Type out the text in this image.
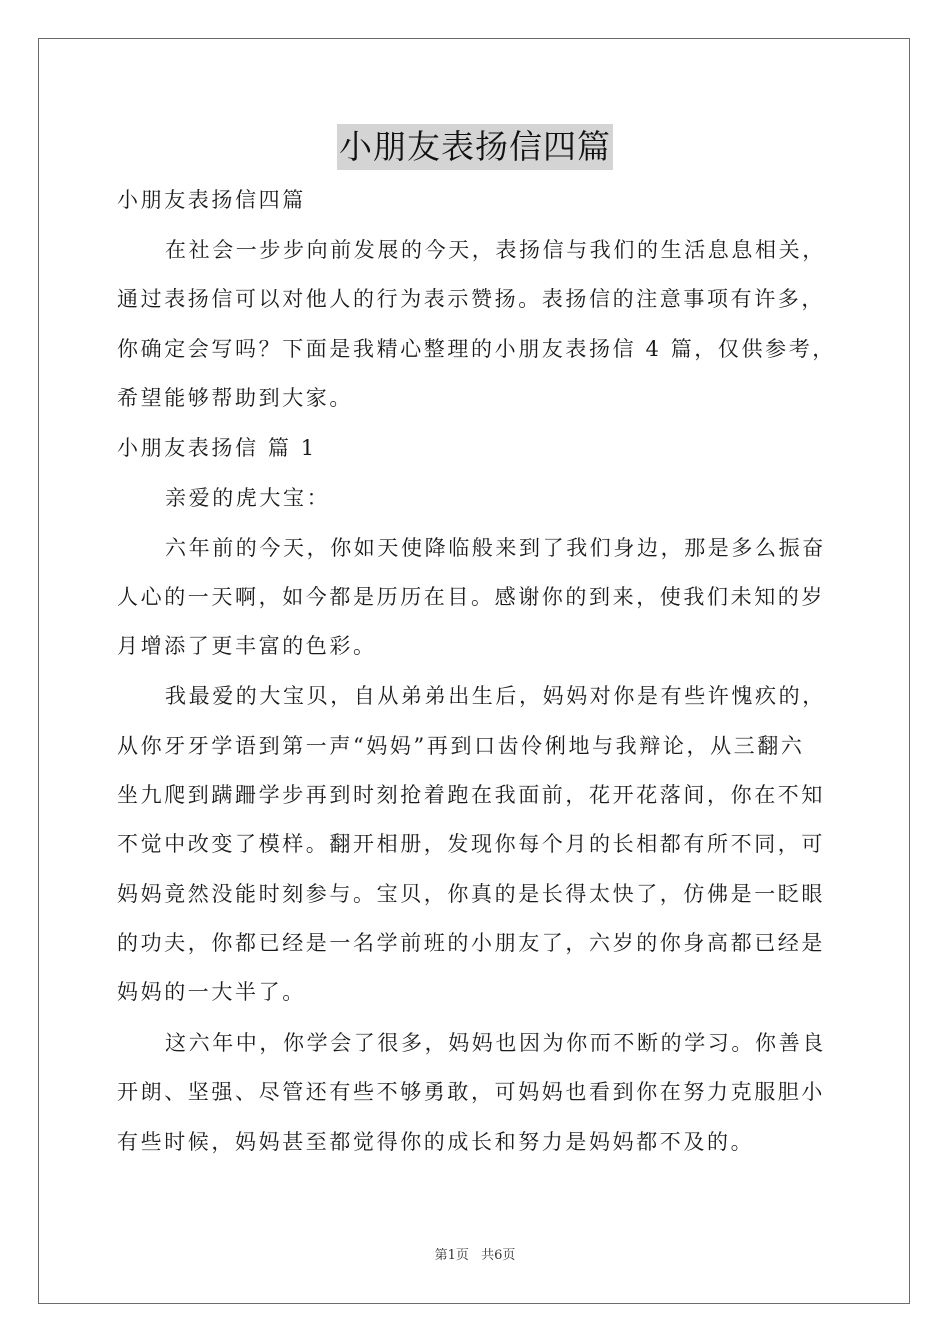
小朋友表扬信四篇
小朋友表扬信四篇
在社会一步步向前发展的今天，表扬信与我们的生活息息相关，
通过表扬信可以对他人的行为表示赞扬。表扬信的注意事项有许多，
你确定会写吗？下面是我精心整理的小朋友表扬信 4 篇，仅供参考，
希望能够帮助到大家。
小朋友表扬信 篇 1
亲爱的虎大宝：
六年前的今天，你如天使降临般来到了我们身边，那是多么振奋
人心的一天啊，如今都是历历在目。感谢你的到来，使我们未知的岁
月增添了更丰富的色彩。
我最爱的大宝贝，自从弟弟出生后，妈妈对你是有些许愧疚的，
从你牙牙学语到第一声“妈妈”再到口齿伶俐地与我辩论，从三翻六
坐九爬到蹒跚学步再到时刻抢着跑在我面前，花开花落间，你在不知
不觉中改变了模样。翻开相册，发现你每个月的长相都有所不同，可
妈妈竟然没能时刻参与。宝贝，你真的是长得太快了，仿佛是一眨眼
的功夫，你都已经是一名学前班的小朋友了，六岁的你身高都已经是
妈妈的一大半了。
这六年中，你学会了很多，妈妈也因为你而不断的学习。你善良
开朗、坚强、尽管还有些不够勇敢，可妈妈也看到你在努力克服胆小
有些时候，妈妈甚至都觉得你的成长和努力是妈妈都不及的。
第1页 共6页
